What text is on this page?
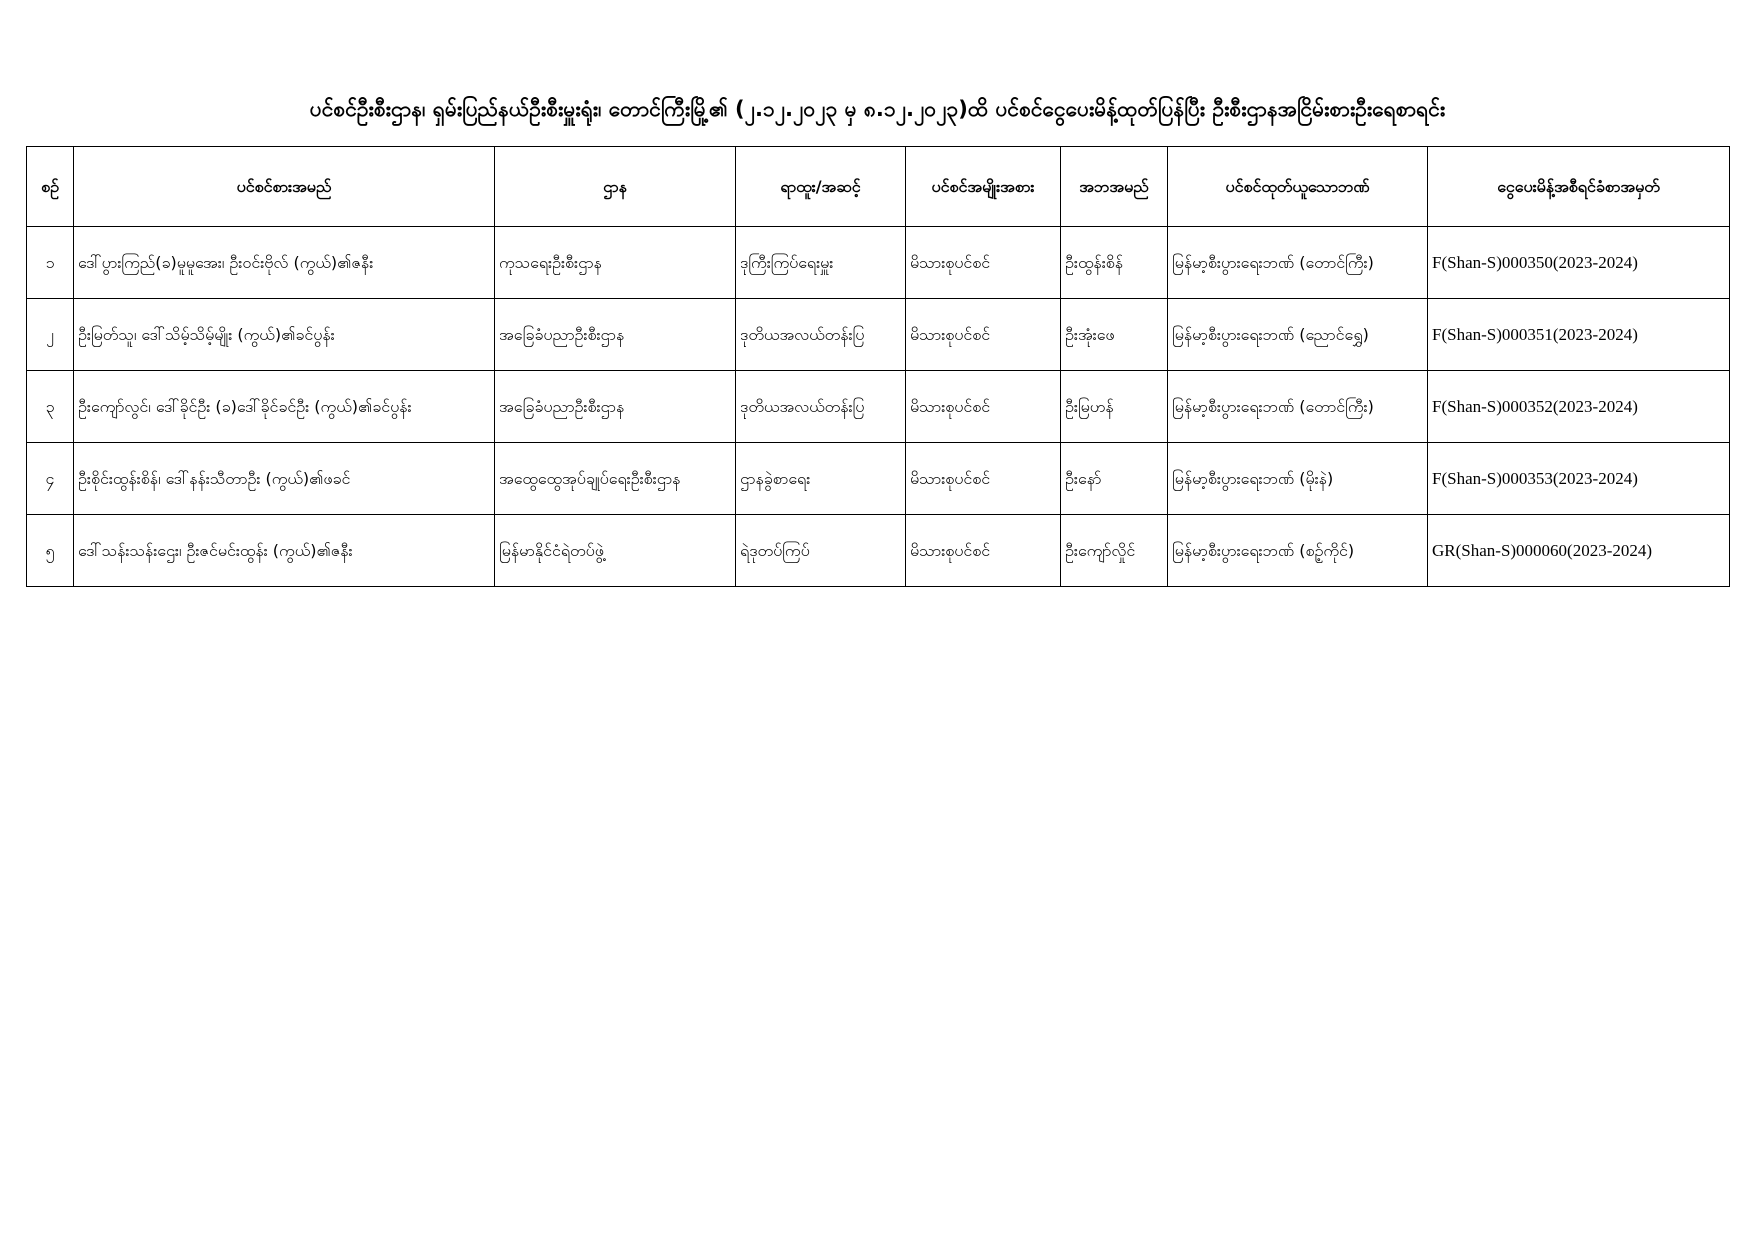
ပင်စင်ဦးစီးဌာန၊ ရှမ်းပြည်နယ်ဦးစီးမှူးရုံး၊ တောင်ကြီးမြို့၏ (၂.၁၂.၂၀၂၃ မှ ၈.၁၂.၂၀၂၃)ထိ ပင်စင်ငွေပေးမိန့်ထုတ်ပြန်ပြီး ဦးစီးဌာနအငြိမ်းစားဦးရေစာရင်း
စဉ်	ပင်စင်စားအမည်	ဌာန	ရာထူး/အဆင့်	ပင်စင်အမျိုးအစား	အဘအမည်	ပင်စင်ထုတ်ယူသောဘဏ်	ငွေပေးမိန့်အစီရင်ခံစာအမှတ်
၁	ဒေါ်ပွားကြည်(ခ)မူမူအေး၊ ဦးဝင်းဗိုလ် (ကွယ်)၏ဇနီး	ကုသရေးဦးစီးဌာန	ဒုကြီးကြပ်ရေးမှူး	မိသားစုပင်စင်	ဦးထွန်းစိန်	မြန်မာ့စီးပွားရေးဘဏ် (တောင်ကြီး)	F(Shan-S)000350(2023-2024)
၂	ဦးမြတ်သူ၊ ဒေါ်သိမ့်သိမ့်မျိုး (ကွယ်)၏ခင်ပွန်း	အခြေခံပညာဦးစီးဌာန	ဒုတိယအလယ်တန်းပြ	မိသားစုပင်စင်	ဦးအုံးဖေ	မြန်မာ့စီးပွားရေးဘဏ် (ညောင်ရွှေ)	F(Shan-S)000351(2023-2024)
၃	ဦးကျော်လွင်၊ ဒေါ်ခိုင်ဦး (ခ)ဒေါ်ခိုင်ခင်ဦး (ကွယ်)၏ခင်ပွန်း	အခြေခံပညာဦးစီးဌာန	ဒုတိယအလယ်တန်းပြ	မိသားစုပင်စင်	ဦးမြဟန်	မြန်မာ့စီးပွားရေးဘဏ် (တောင်ကြီး)	F(Shan-S)000352(2023-2024)
၄	ဦးစိုင်းထွန်းစိန်၊ ဒေါ်နန်းသီတာဦး (ကွယ်)၏ဖခင်	အထွေထွေအုပ်ချုပ်ရေးဦးစီးဌာန	ဌာနခွဲစာရေး	မိသားစုပင်စင်	ဦးနော်	မြန်မာ့စီးပွားရေးဘဏ် (မိုးနဲ)	F(Shan-S)000353(2023-2024)
၅	ဒေါ်သန်းသန်းဌေး၊ ဦးဇင်မင်းထွန်း (ကွယ်)၏ဇနီး	မြန်မာနိုင်ငံရဲတပ်ဖွဲ့	ရဲဒုတပ်ကြပ်	မိသားစုပင်စင်	ဦးကျော်လှိုင်	မြန်မာ့စီးပွားရေးဘဏ် (စဥ့်ကိုင်)	GR(Shan-S)000060(2023-2024)
